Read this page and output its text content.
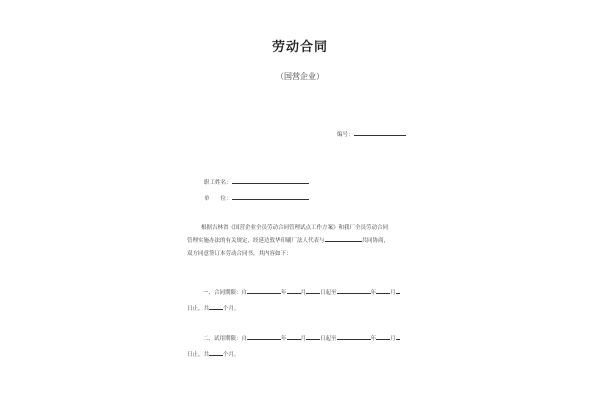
劳动合同
（国营企业）
编号：
职工姓名：
单　　位：
根据吉林省《国营企业全员劳动合同管理试点工作方案》和我厂全员劳动合同
管理实施办法的有关规定，经延边敦华印刷厂法人代表与	共同协商，
双方同意签订本劳动合同书，其内容如下：
一、合同期限：自	年	月	日起至	年	月
日止，共	个月。
二、试用期限：自	年	月	日起至	年	月
日止，共	个月。
